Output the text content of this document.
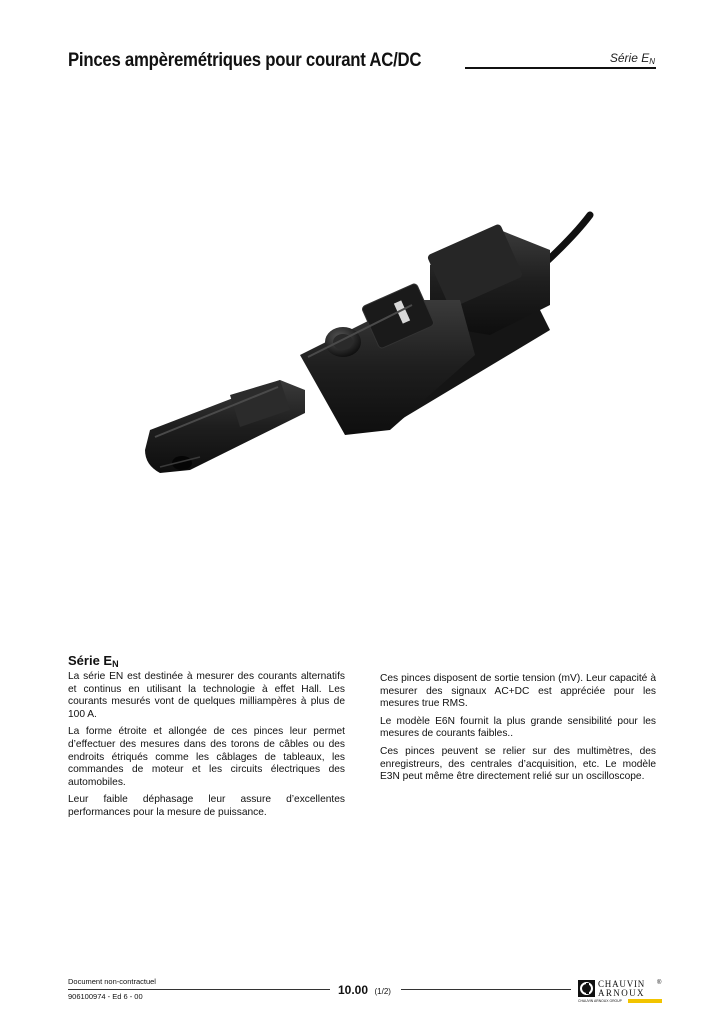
Pinces ampèremétriques pour courant AC/DC	Série $E_N$
Série $E_N$

La série EN est destinée à mesurer des courants alternatifs et continus en utilisant la technologie à effet Hall. Les courants mesurés vont de quelques milliampères à plus de 100 A.

La forme étroite et allongée de ces pinces leur permet d’effectuer des mesures dans des torons de câbles ou des endroits étriqués comme les câblages de tableaux, les commandes de moteur et les circuits électriques des automobiles.

Leur faible déphasage leur assure d’excellentes performances pour la mesure de puissance.

Ces pinces disposent de sortie tension (mV). Leur capacité à mesurer des signaux AC+DC est appréciée pour les mesures true RMS.

Le modèle E6N fournit la plus grande sensibilité pour les mesures de courants faibles..

Ces pinces peuvent se relier sur des multimètres, des enregistreurs, des centrales d’acquisition, etc. Le modèle E3N peut même être directement relié sur un oscilloscope.

Document non-contractuel
906100974 - Ed 6 - 00	10.00 (1/2)
CHAUVIN ®
ARNOUX
CHAUVIN ARNOUX GROUP
